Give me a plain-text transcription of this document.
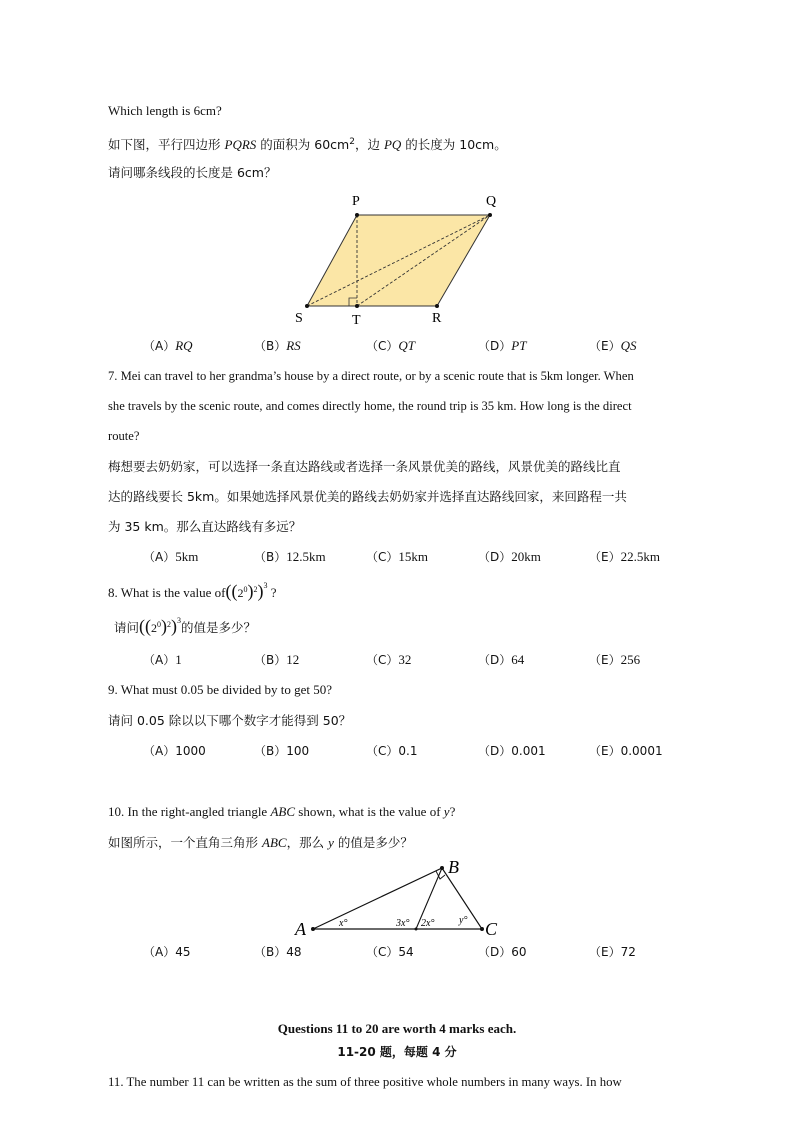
Which length is 6cm?
如下图，平行四边形 PQRS 的面积为 $60cm^2$，边 PQ 的长度为 10cm。
请问哪条线段的长度是 6cm？
P	Q
S	T	R
（A）RQ	（B）RS	（C）QT	（D）PT	（E）QS
7. Mei can travel to her grandma’s house by a direct route, or by a scenic route that is 5km longer. When
she travels by the scenic route, and comes directly home, the round trip is 35 km. How long is the direct
route?
梅想要去奶奶家，可以选择一条直达路线或者选择一条风景优美的路线，风景优美的路线比直
达的路线要长 5km。如果她选择风景优美的路线去奶奶家并选择直达路线回家，来回路程一共
为 35 km。那么直达路线有多远？
（A）5km	（B）12.5km	（C）15km	（D）20km	（E）22.5km
8. What is the value $of((2^0)^2)^3$ ?
请问$((2^0)^2)^3$的值是多少？
（A）1	（B）12	（C）32	（D）64	（E）256
9. What must 0.05 be divided by to get 50?
请问 0.05 除以以下哪个数字才能得到 50？
（A）1000	（B）100	（C）0.1	（D）0.001	（E）0.0001
10. In the right-angled triangle ABC shown, what is the value of y?
如图所示，一个直角三角形 ABC，那么 y 的值是多少？
A
B
C
x°	3x° 2x° y°
（A）45	（B）48	（C）54	（D）60	（E）72
Questions 11 to 20 are worth 4 marks each.
11-20 题，每题 4 分
11. The number 11 can be written as the sum of three positive whole numbers in many ways. In how
